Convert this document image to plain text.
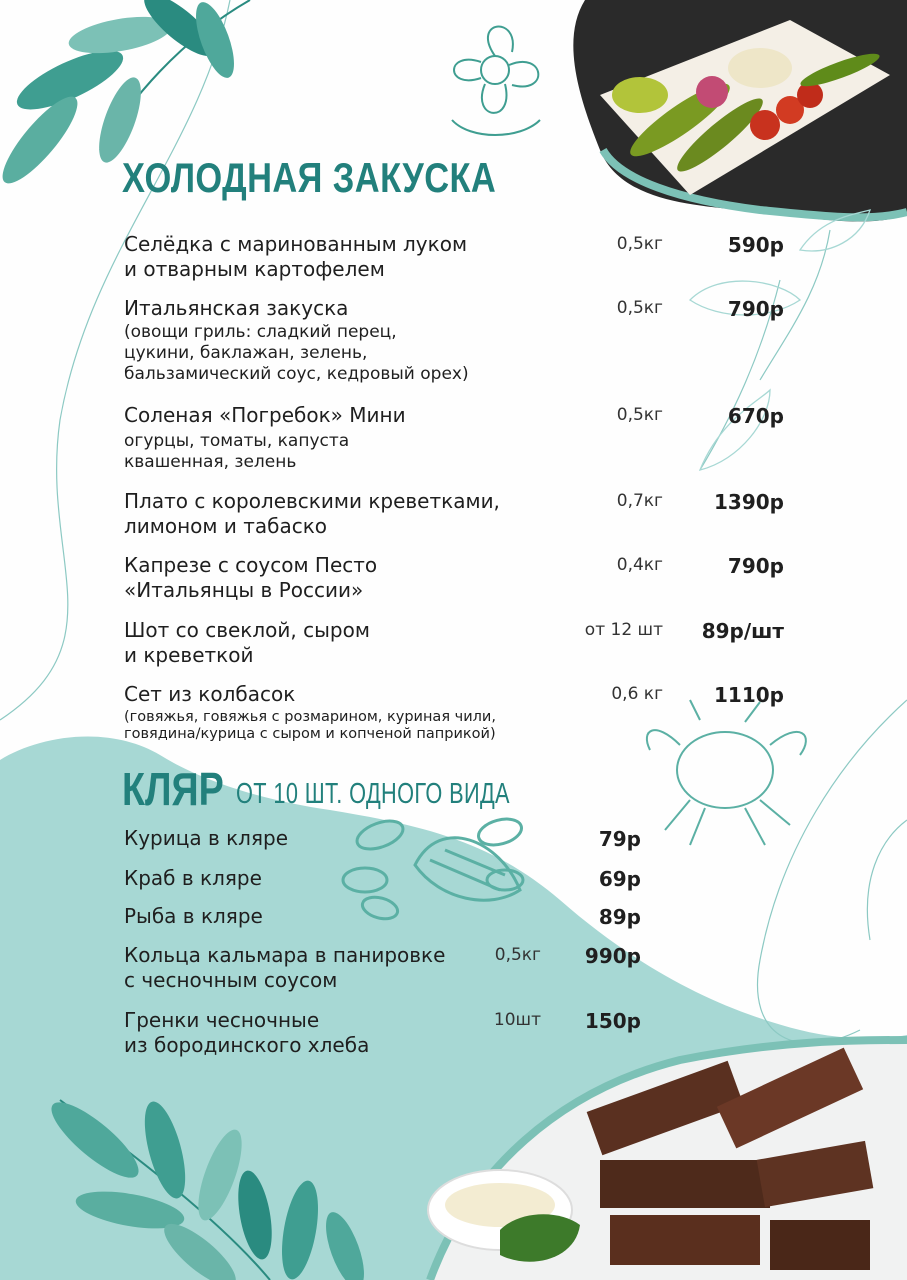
ХОЛОДНАЯ ЗАКУСКА
Селёдка с маринованным луком
и отварным картофелем
0,5кг	590р
Итальянская закуска
(овощи гриль: сладкий перец,
цукини, баклажан, зелень,
бальзамический соус, кедровый орех)
0,5кг	790р
Соленая «Погребок» Мини
огурцы, томаты, капуста
квашенная, зелень
0,5кг	670р
Плато с королевскими креветками,
лимоном и табаско
0,7кг	1390р
Капрезе с соусом Песто
«Итальянцы в России»
0,4кг	790р
Шот со свеклой, сыром
и креветкой
от 12 шт 89р/шт
Сет из колбасок
(говяжья, говяжья с розмарином, куриная чили,
говядина/курица с сыром и копченой паприкой)
0,6 кг	1110р
КЛЯР ОТ 10 ШТ. ОДНОГО ВИДА
Курица в кляре	79р
Краб в кляре	69р
Рыба в кляре	89р
Кольца кальмара в панировке
с чесночным соусом
0,5кг 990р
Гренки чесночные
из бородинского хлеба
10шт 150р
